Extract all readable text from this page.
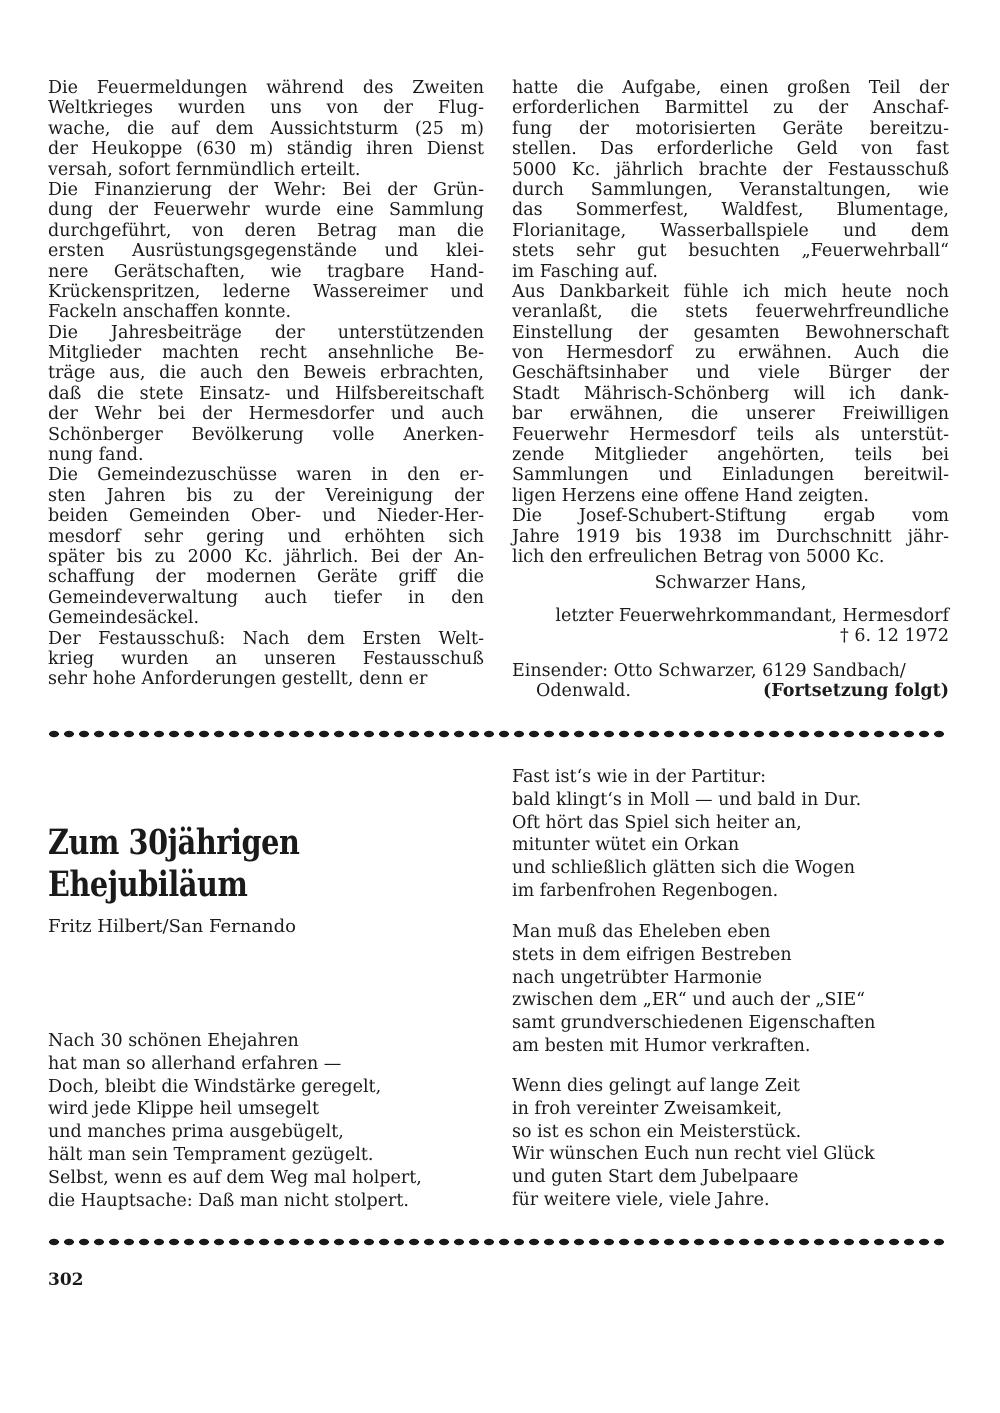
Die Feuermeldungen während des Zweiten
Weltkrieges wurden uns von der Flug-
wache, die auf dem Aussichtsturm (25 m)
der Heukoppe (630 m) ständig ihren Dienst
versah, sofort fernmündlich erteilt.
Die Finanzierung der Wehr: Bei der Grün-
dung der Feuerwehr wurde eine Sammlung
durchgeführt, von deren Betrag man die
ersten Ausrüstungsgegenstände und klei-
nere Gerätschaften, wie tragbare Hand-
Krückenspritzen, lederne Wassereimer und
Fackeln anschaffen konnte.
Die Jahresbeiträge der unterstützenden
Mitglieder machten recht ansehnliche Be-
träge aus, die auch den Beweis erbrachten,
daß die stete Einsatz- und Hilfsbereitschaft
der Wehr bei der Hermesdorfer und auch
Schönberger Bevölkerung volle Anerken-
nung fand.
Die Gemeindezuschüsse waren in den er-
sten Jahren bis zu der Vereinigung der
beiden Gemeinden Ober- und Nieder-Her-
mesdorf sehr gering und erhöhten sich
später bis zu 2000 Kc. jährlich. Bei der An-
schaffung der modernen Geräte griff die
Gemeindeverwaltung auch tiefer in den
Gemeindesäckel.
Der Festausschuß: Nach dem Ersten Welt-
krieg wurden an unseren Festausschuß
sehr hohe Anforderungen gestellt, denn er
hatte die Aufgabe, einen großen Teil der
erforderlichen Barmittel zu der Anschaf-
fung der motorisierten Geräte bereitzu-
stellen. Das erforderliche Geld von fast
5000 Kc. jährlich brachte der Festausschuß
durch Sammlungen, Veranstaltungen, wie
das Sommerfest, Waldfest, Blumentage,
Florianitage, Wasserballspiele und dem
stets sehr gut besuchten „Feuerwehrball“
im Fasching auf.
Aus Dankbarkeit fühle ich mich heute noch
veranlaßt, die stets feuerwehrfreundliche
Einstellung der gesamten Bewohnerschaft
von Hermesdorf zu erwähnen. Auch die
Geschäftsinhaber und viele Bürger der
Stadt Mährisch-Schönberg will ich dank-
bar erwähnen, die unserer Freiwilligen
Feuerwehr Hermesdorf teils als unterstüt-
zende Mitglieder angehörten, teils bei
Sammlungen und Einladungen bereitwil-
ligen Herzens eine offene Hand zeigten.
Die Josef-Schubert-Stiftung ergab vom
Jahre 1919 bis 1938 im Durchschnitt jähr-
lich den erfreulichen Betrag von 5000 Kc.
Schwarzer Hans,
letzter Feuerwehrkommandant, Hermesdorf
† 6. 12 1972
Einsender: Otto Schwarzer, 6129 Sandbach/
Odenwald.	(Fortsetzung folgt)
Zum 30jährigen
Ehejubiläum
Fritz Hilbert/San Fernando
Nach 30 schönen Ehejahren
hat man so allerhand erfahren —
Doch, bleibt die Windstärke geregelt,
wird jede Klippe heil umsegelt
und manches prima ausgebügelt,
hält man sein Temprament gezügelt.
Selbst, wenn es auf dem Weg mal holpert,
die Hauptsache: Daß man nicht stolpert.
Fast ist‘s wie in der Partitur:
bald klingt‘s in Moll — und bald in Dur.
Oft hört das Spiel sich heiter an,
mitunter wütet ein Orkan
und schließlich glätten sich die Wogen
im farbenfrohen Regenbogen.
Man muß das Eheleben eben
stets in dem eifrigen Bestreben
nach ungetrübter Harmonie
zwischen dem „ER“ und auch der „SIE“
samt grundverschiedenen Eigenschaften
am besten mit Humor verkraften.
Wenn dies gelingt auf lange Zeit
in froh vereinter Zweisamkeit,
so ist es schon ein Meisterstück.
Wir wünschen Euch nun recht viel Glück
und guten Start dem Jubelpaare
für weitere viele, viele Jahre.
302
